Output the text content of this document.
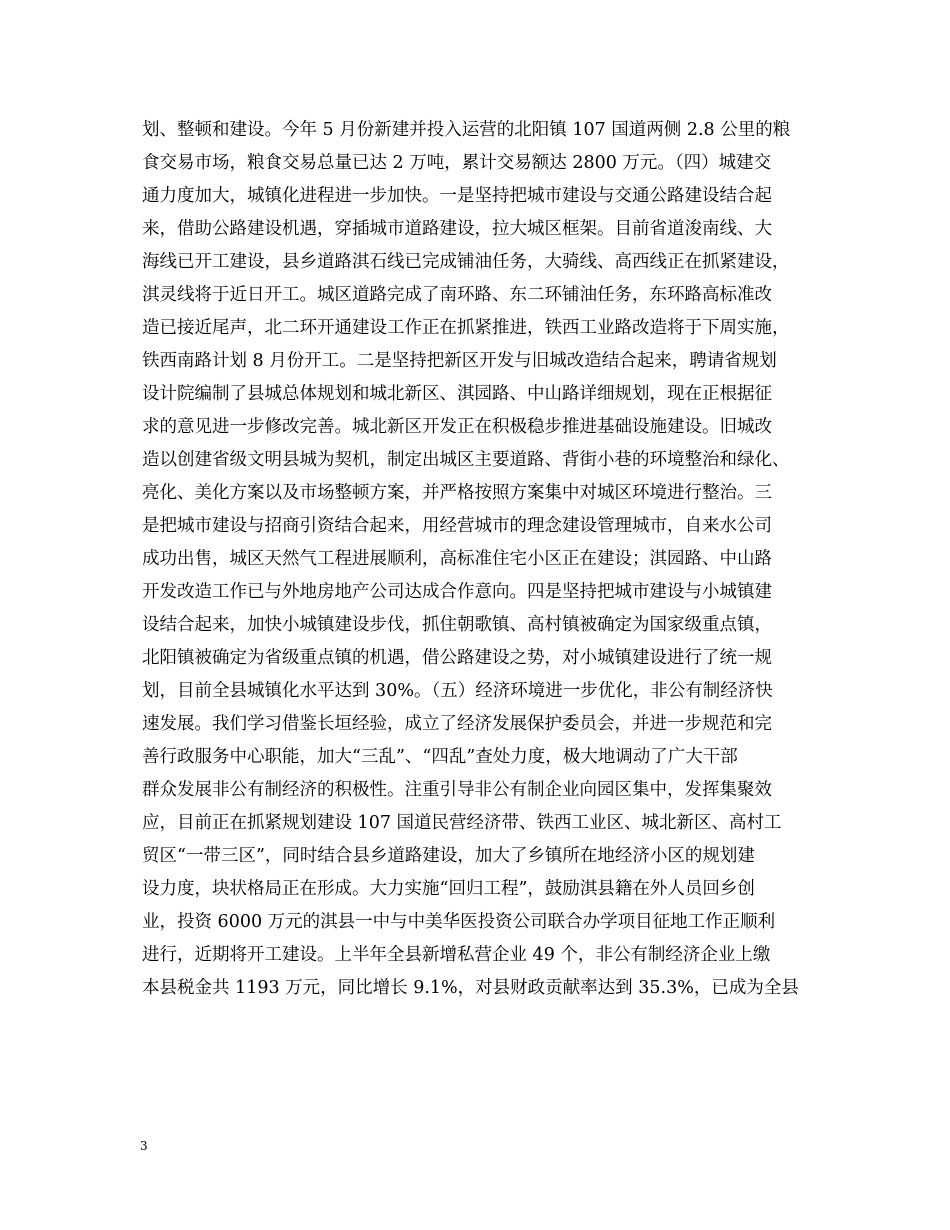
划、整顿和建设。今年 5 月份新建并投入运营的北阳镇 107 国道两侧 2.8 公里的粮
食交易市场，粮食交易总量已达 2 万吨，累计交易额达 2800 万元。（四）城建交
通力度加大，城镇化进程进一步加快。一是坚持把城市建设与交通公路建设结合起
来，借助公路建设机遇，穿插城市道路建设，拉大城区框架。目前省道浚南线、大
海线已开工建设，县乡道路淇石线已完成铺油任务，大骑线、高西线正在抓紧建设，
淇灵线将于近日开工。城区道路完成了南环路、东二环铺油任务，东环路高标准改
造已接近尾声，北二环开通建设工作正在抓紧推进，铁西工业路改造将于下周实施，
铁西南路计划 8 月份开工。二是坚持把新区开发与旧城改造结合起来，聘请省规划
设计院编制了县城总体规划和城北新区、淇园路、中山路详细规划，现在正根据征
求的意见进一步修改完善。城北新区开发正在积极稳步推进基础设施建设。旧城改
造以创建省级文明县城为契机，制定出城区主要道路、背街小巷的环境整治和绿化、
亮化、美化方案以及市场整顿方案，并严格按照方案集中对城区环境进行整治。三
是把城市建设与招商引资结合起来，用经营城市的理念建设管理城市，自来水公司
成功出售，城区天然气工程进展顺利，高标准住宅小区正在建设；淇园路、中山路
开发改造工作已与外地房地产公司达成合作意向。四是坚持把城市建设与小城镇建
设结合起来，加快小城镇建设步伐，抓住朝歌镇、高村镇被确定为国家级重点镇，
北阳镇被确定为省级重点镇的机遇，借公路建设之势，对小城镇建设进行了统一规
划，目前全县城镇化水平达到 30%。（五）经济环境进一步优化，非公有制经济快
速发展。我们学习借鉴长垣经验，成立了经济发展保护委员会，并进一步规范和完
善行政服务中心职能，加大“三乱”、“四乱”查处力度，极大地调动了广大干部
群众发展非公有制经济的积极性。注重引导非公有制企业向园区集中，发挥集聚效
应，目前正在抓紧规划建设 107 国道民营经济带、铁西工业区、城北新区、高村工
贸区“一带三区”，同时结合县乡道路建设，加大了乡镇所在地经济小区的规划建
设力度，块状格局正在形成。大力实施“回归工程”，鼓励淇县籍在外人员回乡创
业，投资 6000 万元的淇县一中与中美华医投资公司联合办学项目征地工作正顺利
进行，近期将开工建设。上半年全县新增私营企业 49 个，非公有制经济企业上缴
本县税金共 1193 万元，同比增长 9.1%，对县财政贡献率达到 35.3%，已成为全县
3
